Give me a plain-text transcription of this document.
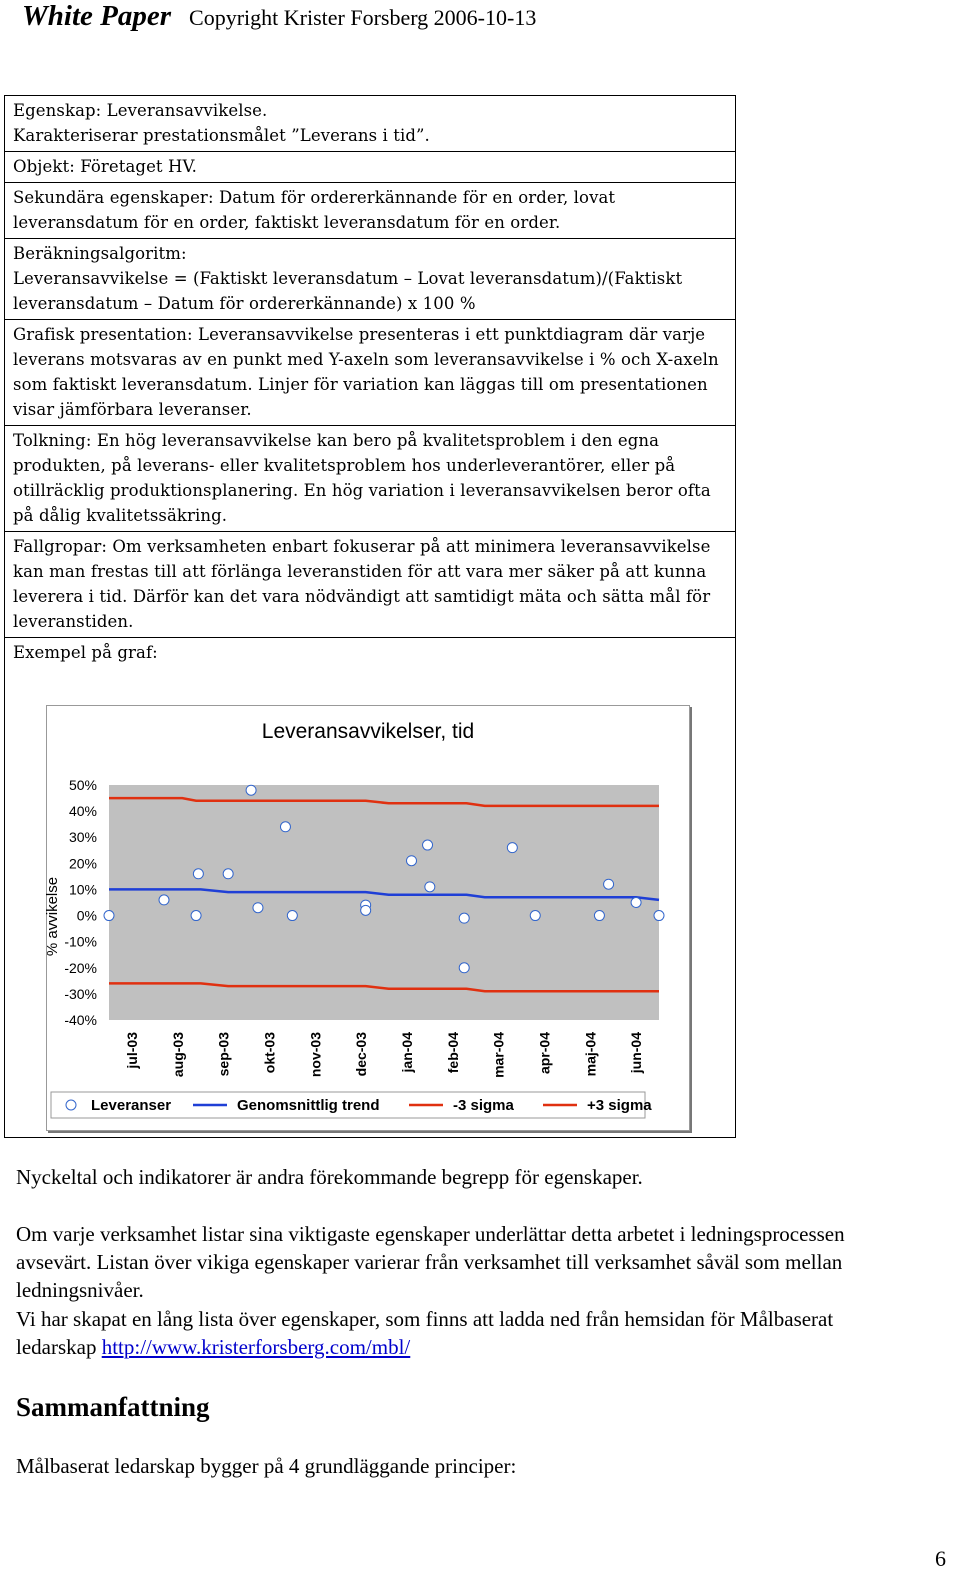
White Paper Copyright Krister Forsberg 2006-10-13
Egenskap: Leveransavvikelse.
Karakteriserar prestationsmålet ”Leverans i tid”.
Objekt: Företaget HV.
Sekundära egenskaper: Datum för ordererkännande för en order, lovat leveransdatum för en order, faktiskt leveransdatum för en order.
Beräkningsalgoritm:
Leveransavvikelse = (Faktiskt leveransdatum – Lovat leveransdatum)/(Faktiskt leveransdatum – Datum för ordererkännande) x 100 %
Grafisk presentation: Leveransavvikelse presenteras i ett punktdiagram där varje leverans motsvaras av en punkt med Y-axeln som leveransavvikelse i % och X-axeln som faktiskt leveransdatum. Linjer för variation kan läggas till om presentationen visar jämförbara leveranser.
Tolkning: En hög leveransavvikelse kan bero på kvalitetsproblem i den egna produkten, på leverans- eller kvalitetsproblem hos underleverantörer, eller på otillräcklig produktionsplanering. En hög variation i leveransavvikelsen beror ofta på dålig kvalitetssäkring.
Fallgropar: Om verksamheten enbart fokuserar på att minimera leveransavvikelse kan man frestas till att förlänga leveranstiden för att vara mer säker på att kunna leverera i tid. Därför kan det vara nödvändigt att samtidigt mäta och sätta mål för leveranstiden.
Exempel på graf:
Leveransavvikelser, tid
50%
40%
30%
20%
10%
0%
-10%
-20%
-30%
-40%
% avvikelse
jul-03 aug-03 sep-03 okt-03 nov-03 dec-03 jan-04 feb-04 mar-04 apr-04 maj-04 jun-04
Leveranser	Genomsnittlig trend	-3 sigma	+3 sigma
Nyckeltal och indikatorer är andra förekommande begrepp för egenskaper.
Om varje verksamhet listar sina viktigaste egenskaper underlättar detta arbetet i ledningsprocessen avsevärt. Listan över vikiga egenskaper varierar från verksamhet till verksamhet såväl som mellan ledningsnivåer.
Vi har skapat en lång lista över egenskaper, som finns att ladda ned från hemsidan för Målbaserat ledarskap http://www.kristerforsberg.com/mbl/
Sammanfattning
Målbaserat ledarskap bygger på 4 grundläggande principer:
6
